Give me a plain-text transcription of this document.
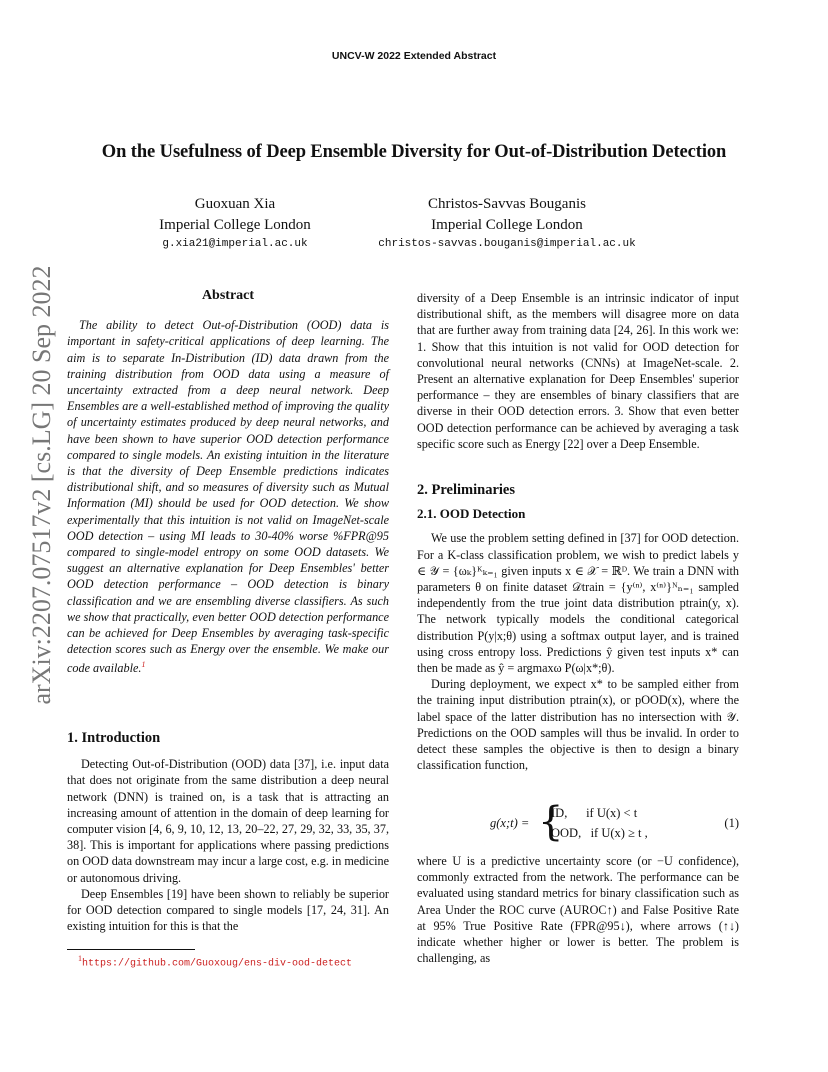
UNCV-W 2022 Extended Abstract
On the Usefulness of Deep Ensemble Diversity for Out-of-Distribution Detection
Guoxuan Xia
Imperial College London
g.xia21@imperial.ac.uk
Christos-Savvas Bouganis
Imperial College London
christos-savvas.bouganis@imperial.ac.uk
arXiv:2207.07517v2 [cs.LG] 20 Sep 2022	Abstract

The ability to detect Out-of-Distribution (OOD) data is important in safety-critical applications of deep learning. The aim is to separate In-Distribution (ID) data drawn from the training distribution from OOD data using a measure of uncertainty extracted from a deep neural network. Deep Ensembles are a well-established method of improving the quality of uncertainty estimates produced by deep neural networks, and have been shown to have superior OOD detection performance compared to single models. An existing intuition in the literature is that the diversity of Deep Ensemble predictions indicates distributional shift, and so measures of diversity such as Mutual Information (MI) should be used for OOD detection. We show experimentally that this intuition is not valid on ImageNet-scale OOD detection – using MI leads to 30-40% worse %FPR@95 compared to single-model entropy on some OOD datasets. We suggest an alternative explanation for Deep Ensembles' better OOD detection performance – OOD detection is binary classification and we are ensembling diverse classifiers. As such we show that practically, even better OOD detection performance can be achieved for Deep Ensembles by averaging task-specific detection scores such as Energy over the ensemble. We make our code available.$^1$

1. Introduction

Detecting Out-of-Distribution (OOD) data [37], i.e. input data that does not originate from the same distribution a deep neural network (DNN) is trained on, is a task that is attracting an increasing amount of attention in the domain of deep learning for computer vision [4, 6, 9, 10, 12, 13, 20–22, 27, 29, 32, 33, 35, 37, 38]. This is important for applications where passing predictions on OOD data downstream may incur a large cost, e.g. in medicine or autonomous driving.

Deep Ensembles [19] have been shown to reliably be superior for OOD detection compared to single models [17, 24, 31]. An existing intuition for this is that the

$^1$https://github.com/Guoxoug/ens-div-ood-detect

diversity of a Deep Ensemble is an intrinsic indicator of input distributional shift, as the members will disagree more on data that are further away from training data [24, 26]. In this work we: 1. Show that this intuition is not valid for OOD detection for convolutional neural networks (CNNs) at ImageNet-scale. 2. Present an alternative explanation for Deep Ensembles' superior performance – they are ensembles of binary classifiers that are diverse in their OOD detection errors. 3. Show that even better OOD detection performance can be achieved by averaging a task specific score such as Energy [22] over a Deep Ensemble.

2. Preliminaries
2.1. OOD Detection

We use the problem setting defined in [37] for OOD detection. For a K-class classification problem, we wish to predict labels y ∈ 𝒴 = {ωₖ}ᴷₖ₌₁ given inputs x ∈ 𝒳 = ℝᴰ. We train a DNN with parameters θ on finite dataset 𝒟train = {y⁽ⁿ⁾, x⁽ⁿ⁾}ᴺₙ₌₁ sampled independently from the true joint data distribution ptrain(y, x). The network typically models the conditional categorical distribution P(y|x;θ) using a softmax output layer, and is trained using cross entropy loss. Predictions ŷ given test inputs x* can then be made as ŷ = argmaxω P(ω|x*;θ).

During deployment, we expect x* to be sampled either from the training input distribution ptrain(x), or pOOD(x), where the label space of the latter distribution has no intersection with 𝒴. Predictions on the OOD samples will thus be invalid. In order to detect these samples the objective is then to design a binary classification function,

g(x;t) = {
ID,      if U(x) < t
OOD,   if U(x) ≥ t ,
(1)

where U is a predictive uncertainty score (or −U confidence), commonly extracted from the network. The performance can be evaluated using standard metrics for binary classification such as Area Under the ROC curve (AUROC↑) and False Positive Rate at 95% True Positive Rate (FPR@95↓), where arrows (↑↓) indicate whether higher or lower is better. The problem is challenging, as
